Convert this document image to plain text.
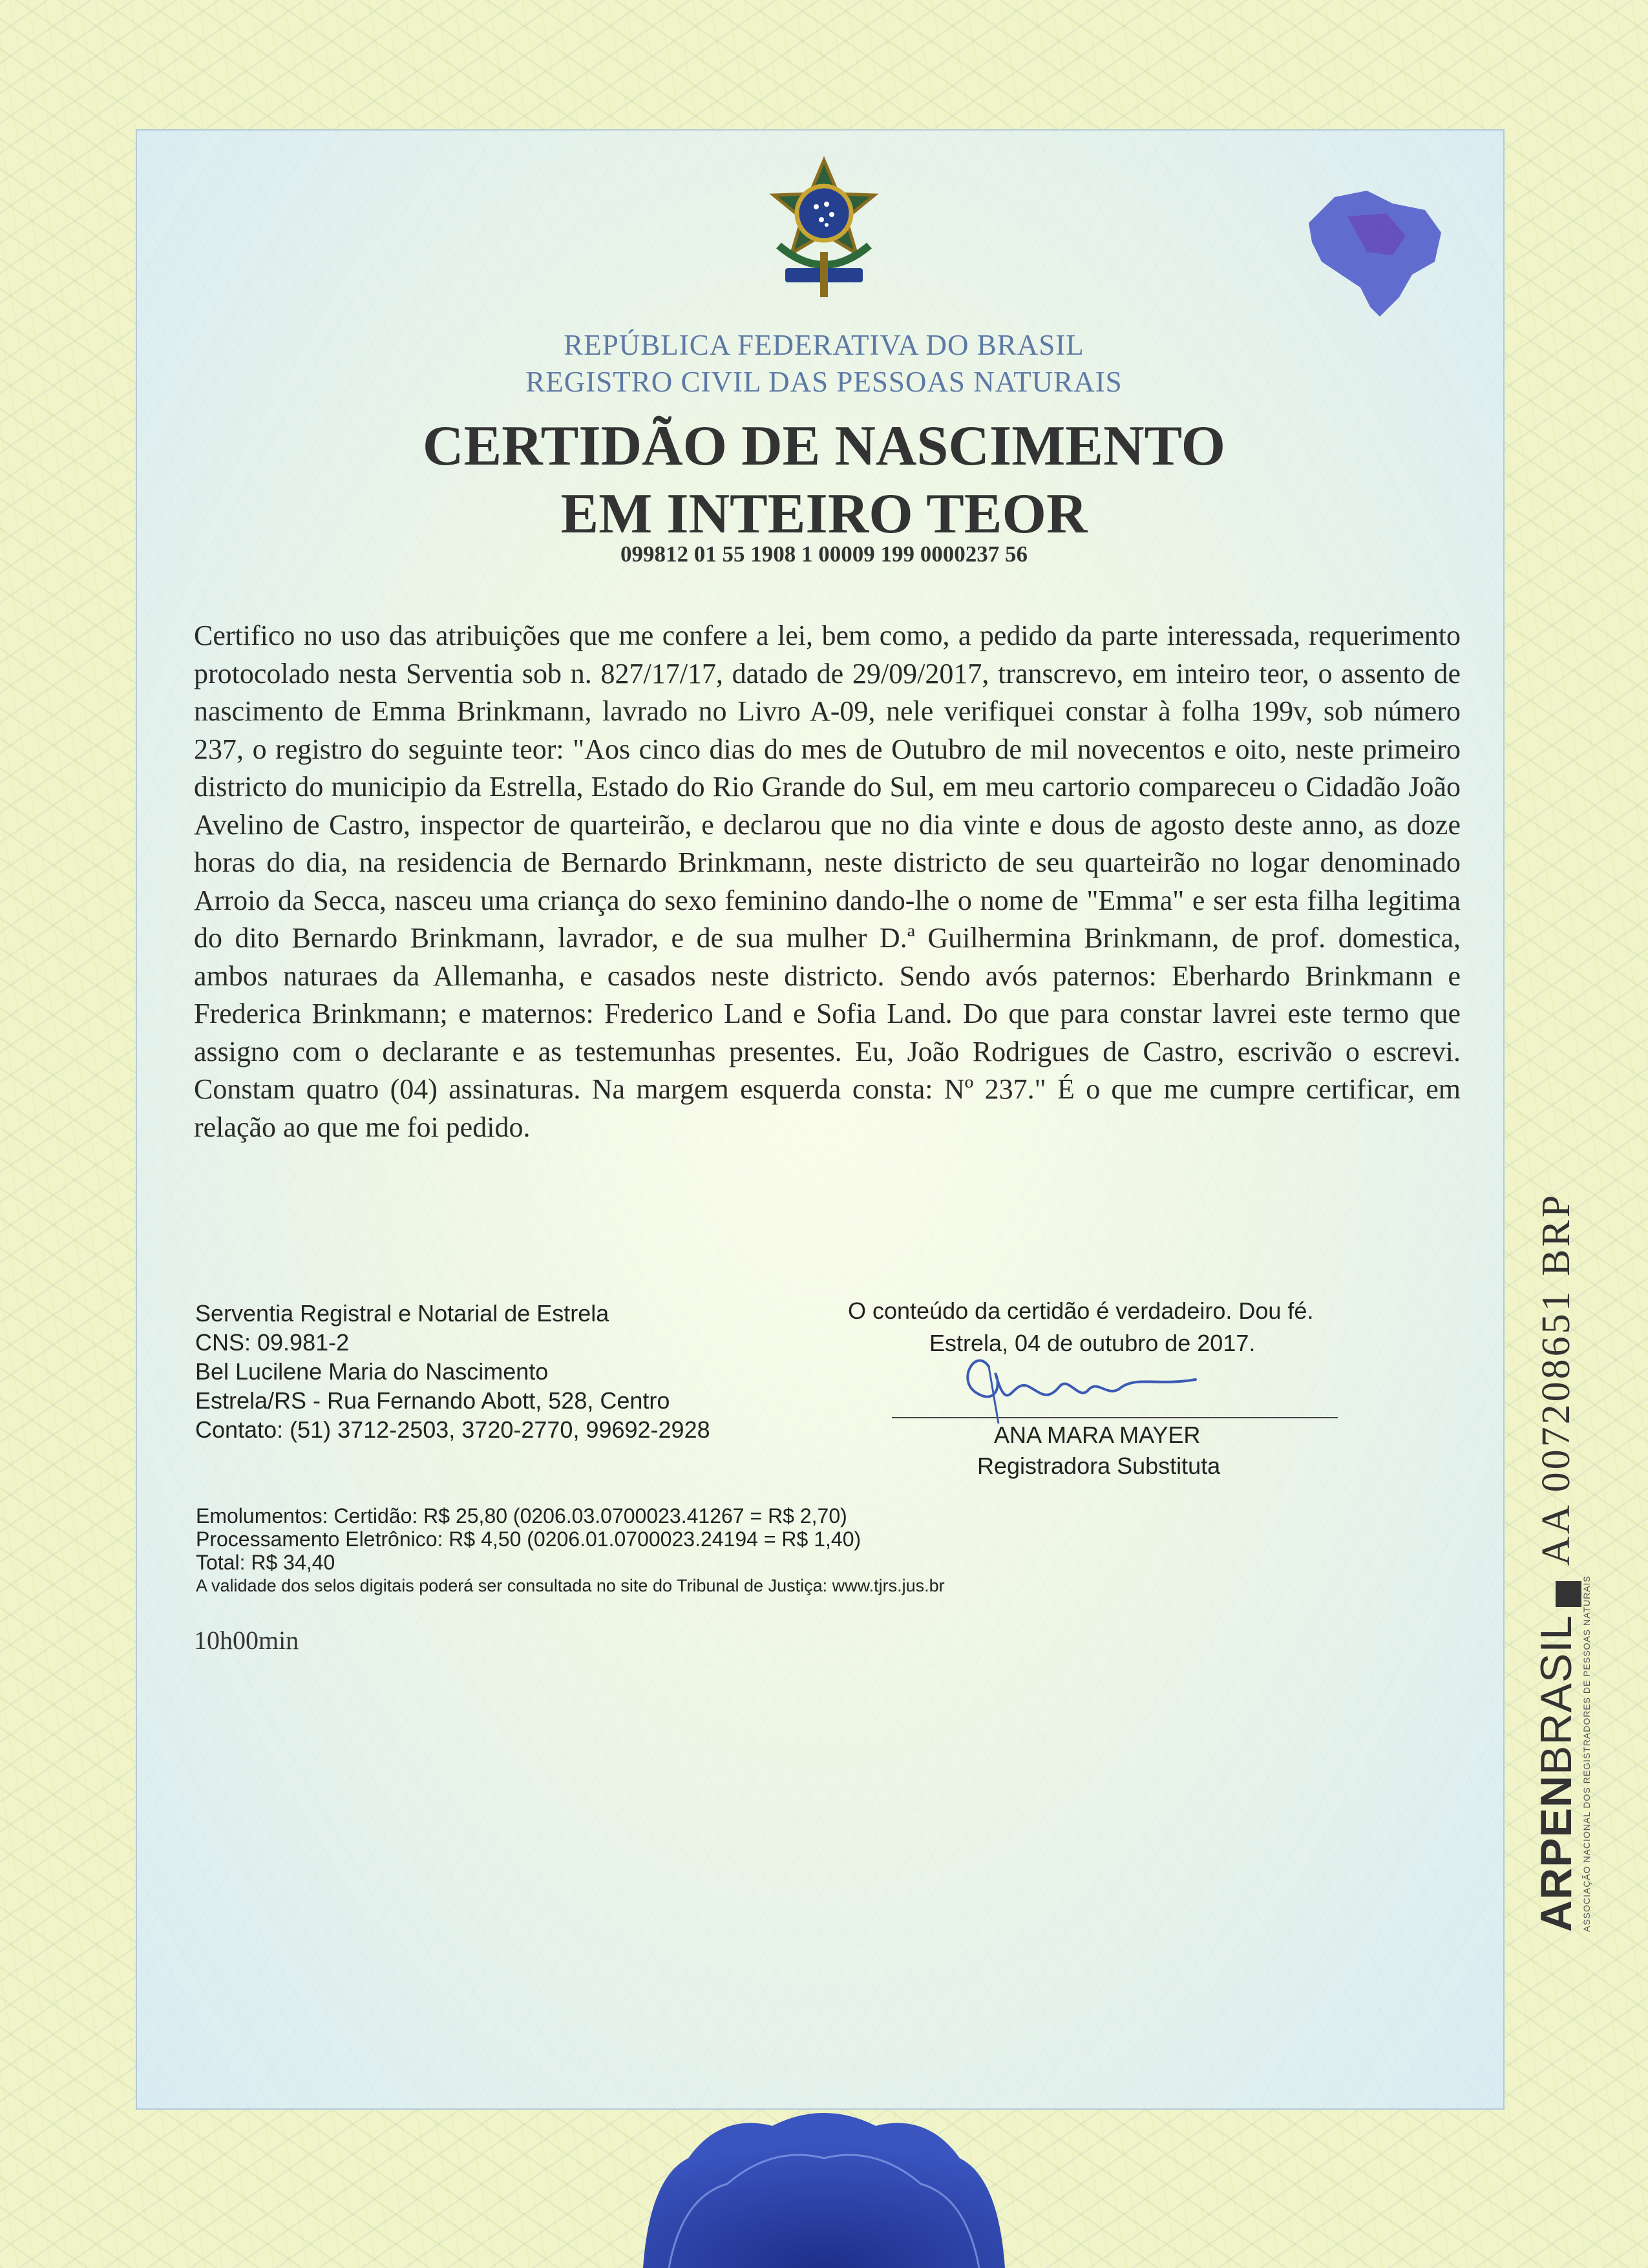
REPÚBLICA FEDERATIVA DO BRASIL
REGISTRO CIVIL DAS PESSOAS NATURAIS
CERTIDÃO DE NASCIMENTO
EM INTEIRO TEOR
099812 01 55 1908 1 00009 199 0000237 56
Certifico no uso das atribuições que me confere a lei, bem como, a pedido da parte interessada, requerimento protocolado nesta Serventia sob n. 827/17/17, datado de 29/09/2017, transcrevo, em inteiro teor, o assento de nascimento de Emma Brinkmann, lavrado no Livro A-09, nele verifiquei constar à folha 199v, sob número 237, o registro do seguinte teor: "Aos cinco dias do mes de Outubro de mil novecentos e oito, neste primeiro districto do municipio da Estrella, Estado do Rio Grande do Sul, em meu cartorio compareceu o Cidadão João Avelino de Castro, inspector de quarteirão, e declarou que no dia vinte e dous de agosto deste anno, as doze horas do dia, na residencia de Bernardo Brinkmann, neste districto de seu quarteirão no logar denominado Arroio da Secca, nasceu uma criança do sexo feminino dando-lhe o nome de "Emma" e ser esta filha legitima do dito Bernardo Brinkmann, lavrador, e de sua mulher D.ª Guilhermina Brinkmann, de prof. domestica, ambos naturaes da Allemanha, e casados neste districto. Sendo avós paternos: Eberhardo Brinkmann e Frederica Brinkmann; e maternos: Frederico Land e Sofia Land. Do que para constar lavrei este termo que assigno com o declarante e as testemunhas presentes. Eu, João Rodrigues de Castro, escrivão o escrevi. Constam quatro (04) assinaturas. Na margem esquerda consta: Nº 237." É o que me cumpre certificar, em relação ao que me foi pedido.
Serventia Registral e Notarial de Estrela
CNS: 09.981-2
Bel Lucilene Maria do Nascimento
Estrela/RS - Rua Fernando Abott, 528, Centro
Contato: (51) 3712-2503, 3720-2770, 99692-2928
O conteúdo da certidão é verdadeiro. Dou fé.
Estrela, 04 de outubro de 2017.
ANA MARA MAYER
Registradora Substituta
Emolumentos: Certidão: R$ 25,80 (0206.03.0700023.41267 = R$ 2,70)
Processamento Eletrônico: R$ 4,50 (0206.01.0700023.24194 = R$ 1,40)
Total: R$ 34,40
A validade dos selos digitais poderá ser consultada no site do Tribunal de Justiça: www.tjrs.jus.br
10h00min
ARPENBRASIL ASSOCIAÇÃO NACIONAL DOS REGISTRADORES DE PESSOAS NATURAIS
AA 007208651 BRP
